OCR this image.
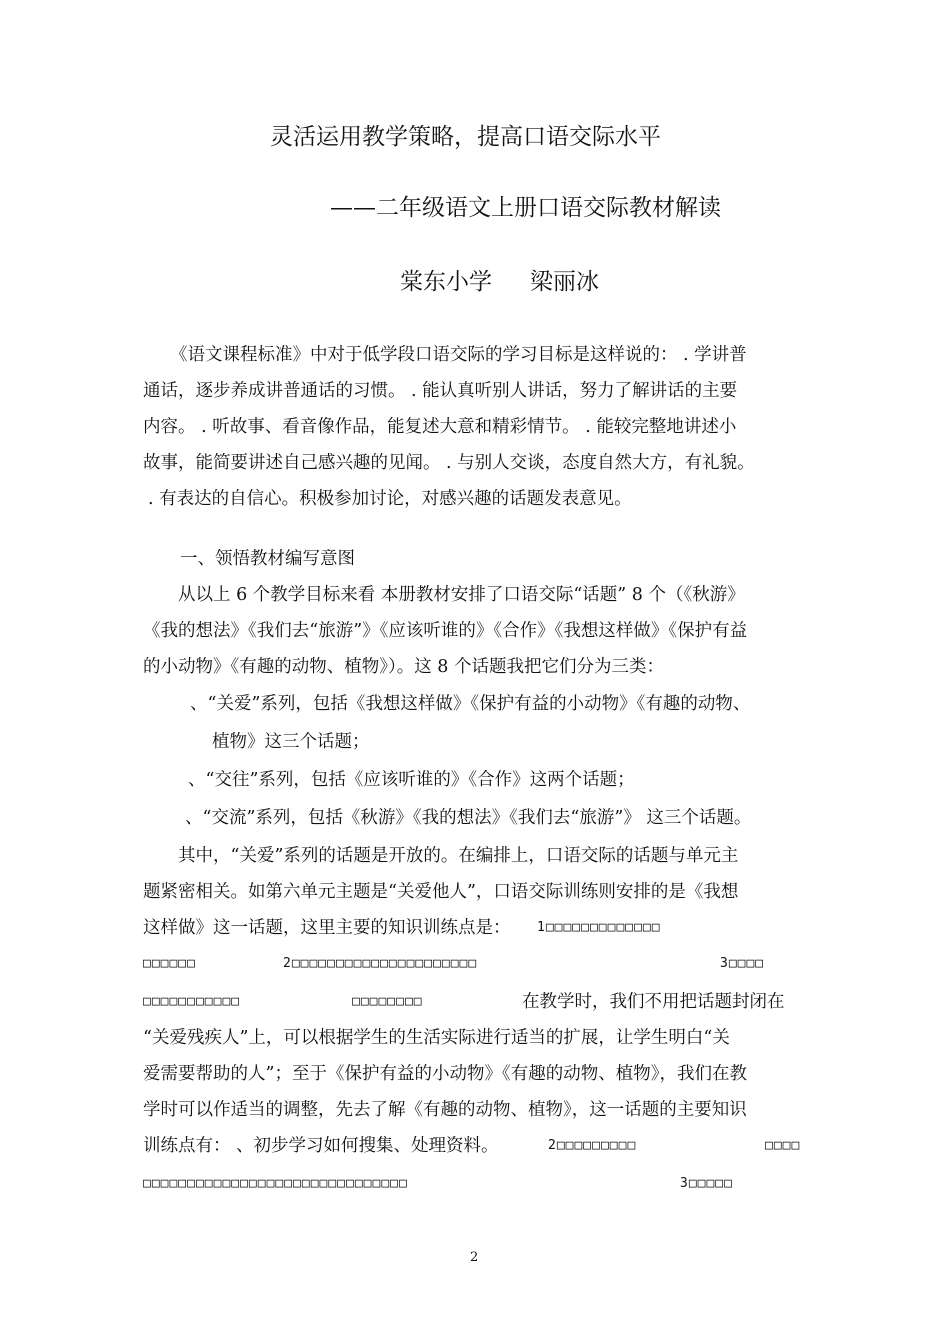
灵活运用教学策略，提高口语交际水平
——二年级语文上册口语交际教材解读
棠东小学 梁丽冰
《语文课程标准》中对于低学段口语交际的学习目标是这样说的： . 学讲普
通话，逐步养成讲普通话的习惯。 . 能认真听别人讲话，努力了解讲话的主要
内容。 . 听故事、看音像作品，能复述大意和精彩情节。 . 能较完整地讲述小
故事，能简要讲述自己感兴趣的见闻。 . 与别人交谈，态度自然大方，有礼貌。
. 有表达的自信心。积极参加讨论，对感兴趣的话题发表意见。
一、领悟教材编写意图
从以上 6 个教学目标来看 本册教材安排了口语交际“话题” 8 个（《秋游》
《我的想法》《我们去“旅游”》《应该听谁的》《合作》《我想这样做》《保护有益
的小动物》《有趣的动物、植物》）。这 8 个话题我把它们分为三类：
、“关爱”系列，包括《我想这样做》《保护有益的小动物》《有趣的动物、
植物》这三个话题；
、“交往”系列，包括《应该听谁的》《合作》这两个话题；
、“交流”系列，包括《秋游》《我的想法》《我们去“旅游”》 这三个话题。
其中，“关爱”系列的话题是开放的。在编排上，口语交际的话题与单元主
题紧密相关。如第六单元主题是“关爱他人”，口语交际训练则安排的是《我想
这样做》这一话题，这里主要的知识训练点是： 1□□□□□□□□□□□□□
□□□□□□	2□□□□□□□□□□□□□□□□□□□□□	3□□□□
□□□□□□□□□□□	□□□□□□□□	在教学时，我们不用把话题封闭在
“关爱残疾人”上，可以根据学生的生活实际进行适当的扩展，让学生明白“关
爱需要帮助的人”；至于《保护有益的小动物》《有趣的动物、植物》，我们在教
学时可以作适当的调整，先去了解《有趣的动物、植物》，这一话题的主要知识
训练点有： 、初步学习如何搜集、处理资料。	2□□□□□□□□□	□□□□
□□□□□□□□□□□□□□□□□□□□□□□□□□□□□□	3□□□□□
2
